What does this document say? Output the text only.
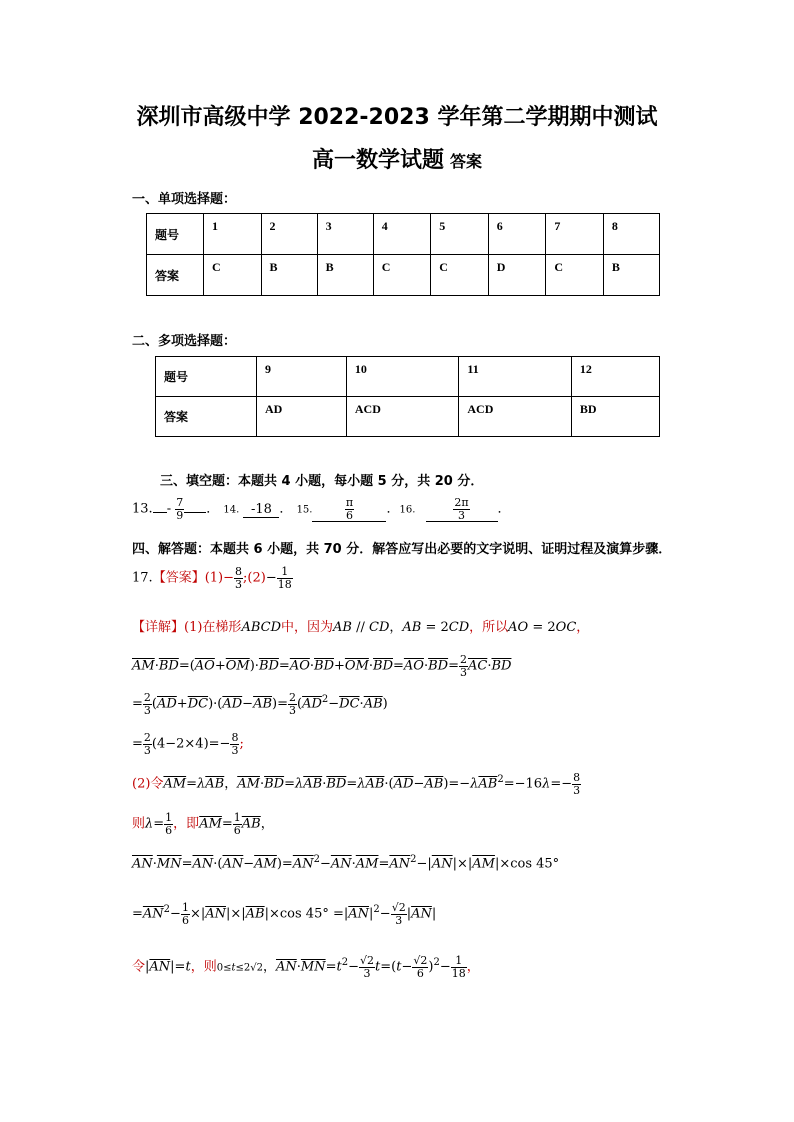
深圳市高级中学 2022-2023 学年第二学期期中测试
高一数学试题 答案
一、单项选择题：
题号	1	2	3	4	5	6	7	8
答案	C	B	B	C	C	D	C	B
二、多项选择题：
题号	9	10	11	12
答案	AD	ACD	ACD	BD
三、填空题：本题共 4 小题，每小题 5 分，共 20 分．
13. - $\frac{7}{9}$ ． 14. -18 ． 15.	$\frac{\pi}{6}$ ．16.	$\frac{2\pi}{3}$ ．
四、解答题：本题共 6 小题，共 70 分．解答应写出必要的文字说明、证明过程及演算步骤．
17.【答案】$(1)- \frac{8}{3}$ ;(2)− $\frac{1}{18}$
【详解】(1)在梯形ABCD中，因为AB // CD，AB = 2CD，所以AO = 2OC，
$\overline{AM}\cdot\overline{BD}=(\overline{AO}+\overline{OM})\cdot\overline{BD}=\overline{AO}\cdot\overline{BD}+\overline{OM}\cdot\overline{BD}=\overline{AO}\cdot\overline{BD}= \frac{2}{3} \overline{AC}\cdot\overline{BD}$
= $\frac{2}{3} (\overline{AD}+\overline{DC})\cdot(\overline{AD}-\overline{AB})= \frac{2}{3} (\overline{AD}^2-\overline{DC}\cdot\overline{AB})$
= $\frac{2}{3} (4-2\times 4)=- \frac{8}{3}$ ;
(2)令$\overline{AM}=\lambda\overline{AB}$，$\overline{AM}\cdot\overline{BD}=\lambda\overline{AB}\cdot\overline{BD}=\lambda\overline{AB}\cdot(\overline{AD}-\overline{AB})=-\lambda\overline{AB}^2=-16\lambda=- \frac{8}{3}$
则$\lambda= \frac{1}{6}$ ，即$\overline{AM}= \frac{1}{6} \overline{AB}$，
$\overline{AN}\cdot\overline{MN}=\overline{AN}\cdot(\overline{AN}-\overline{AM})=\overline{AN}^2-\overline{AN}\cdot\overline{AM}=\overline{AN}^2-|\overline{AN}|\times|\overline{AM}|\times\cos$ 45°
$=\overline{AN}^2- \frac{1}{6} \times|\overline{AN}|\times|\overline{AB}|\times\cos$ $45^\circ =|\overline{AN}|^2- \frac{√2}{3} |\overline{AN}|$
令$|\overline{AN}|=t$，则0≤t≤2√2，$\overline{AN}\cdot\overline{MN}=t^2- \frac{√2}{3} t=(t- \frac{√2}{6} )^2- \frac{1}{18}$ ，
